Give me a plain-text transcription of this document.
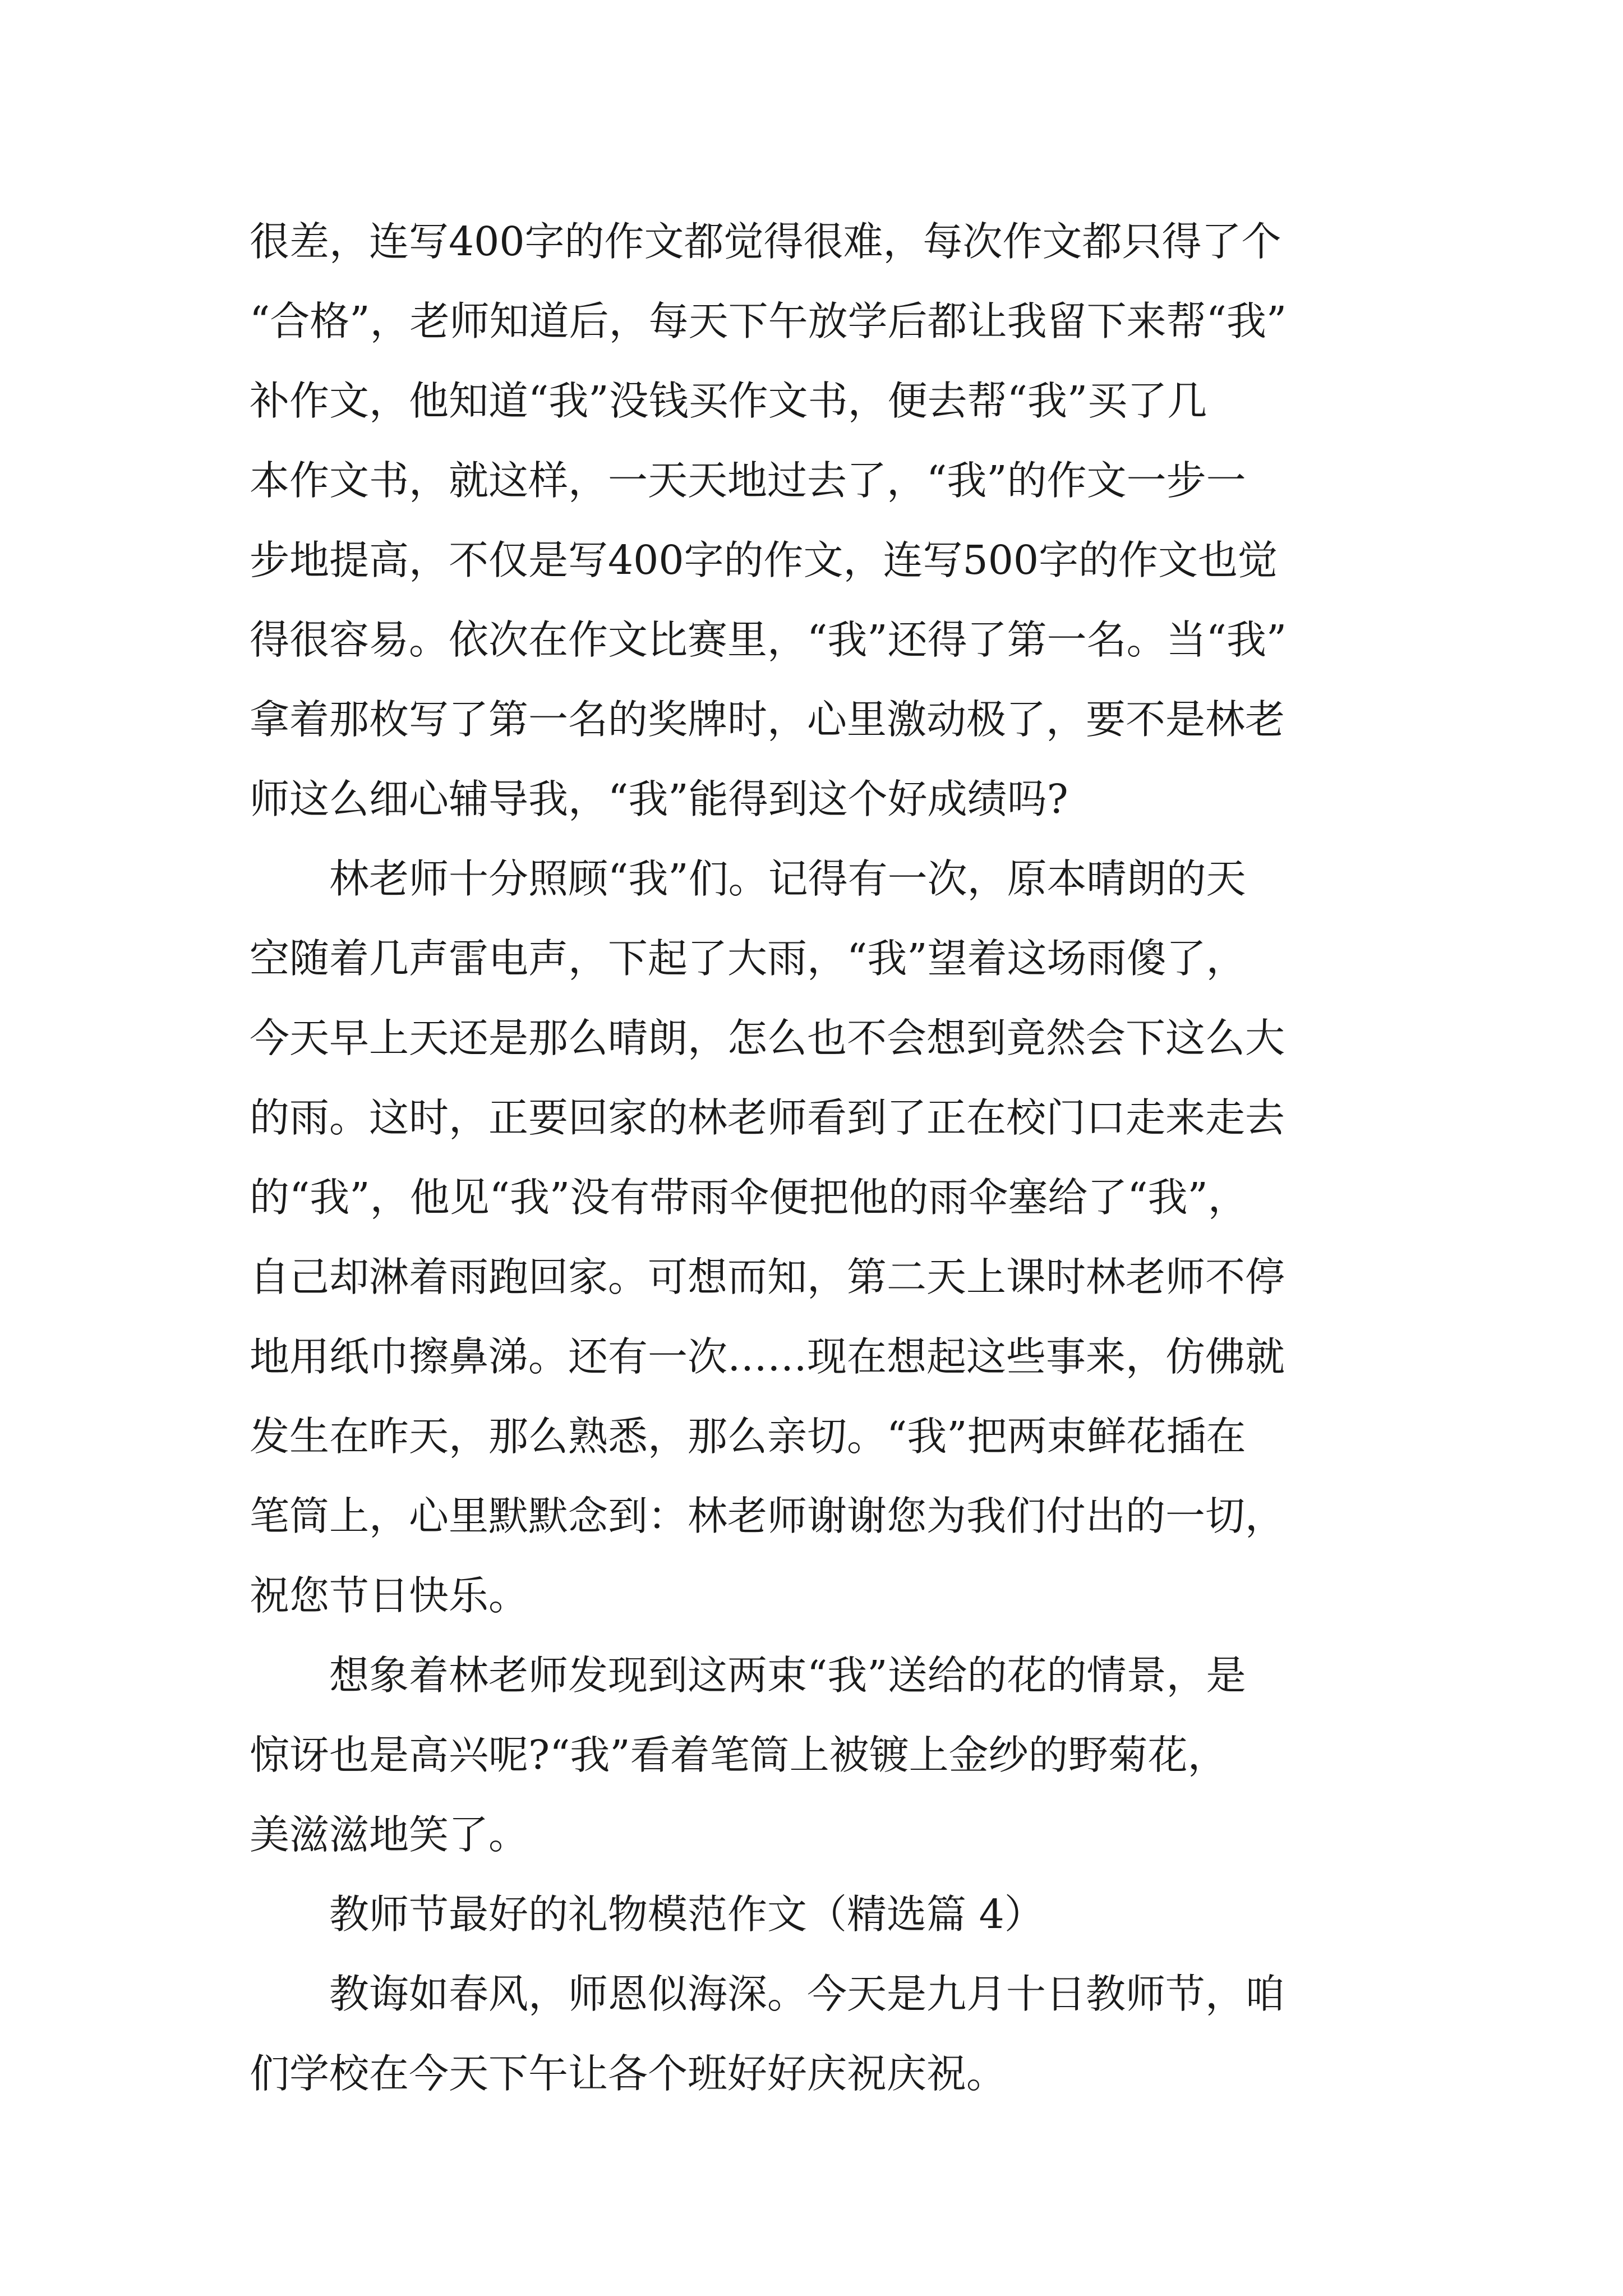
很差，连写400字的作文都觉得很难，每次作文都只得了个
“合格”，老师知道后，每天下午放学后都让我留下来帮“我”
补作文，他知道“我”没钱买作文书，便去帮“我”买了几
本作文书，就这样，一天天地过去了，“我”的作文一步一
步地提高，不仅是写400字的作文，连写500字的作文也觉
得很容易。依次在作文比赛里，“我”还得了第一名。当“我”
拿着那枚写了第一名的奖牌时，心里激动极了，要不是林老
师这么细心辅导我，“我”能得到这个好成绩吗?
林老师十分照顾“我”们。记得有一次，原本晴朗的天
空随着几声雷电声，下起了大雨，“我”望着这场雨傻了，
今天早上天还是那么晴朗，怎么也不会想到竟然会下这么大
的雨。这时，正要回家的林老师看到了正在校门口走来走去
的“我”，他见“我”没有带雨伞便把他的雨伞塞给了“我”，
自己却淋着雨跑回家。可想而知，第二天上课时林老师不停
地用纸巾擦鼻涕。还有一次……现在想起这些事来，仿佛就
发生在昨天，那么熟悉，那么亲切。“我”把两束鲜花插在
笔筒上，心里默默念到：林老师谢谢您为我们付出的一切，
祝您节日快乐。
想象着林老师发现到这两束“我”送给的花的情景，是
惊讶也是高兴呢?“我”看着笔筒上被镀上金纱的野菊花，
美滋滋地笑了。
教师节最好的礼物模范作文（精选篇 4）
教诲如春风，师恩似海深。今天是九月十日教师节，咱
们学校在今天下午让各个班好好庆祝庆祝。
